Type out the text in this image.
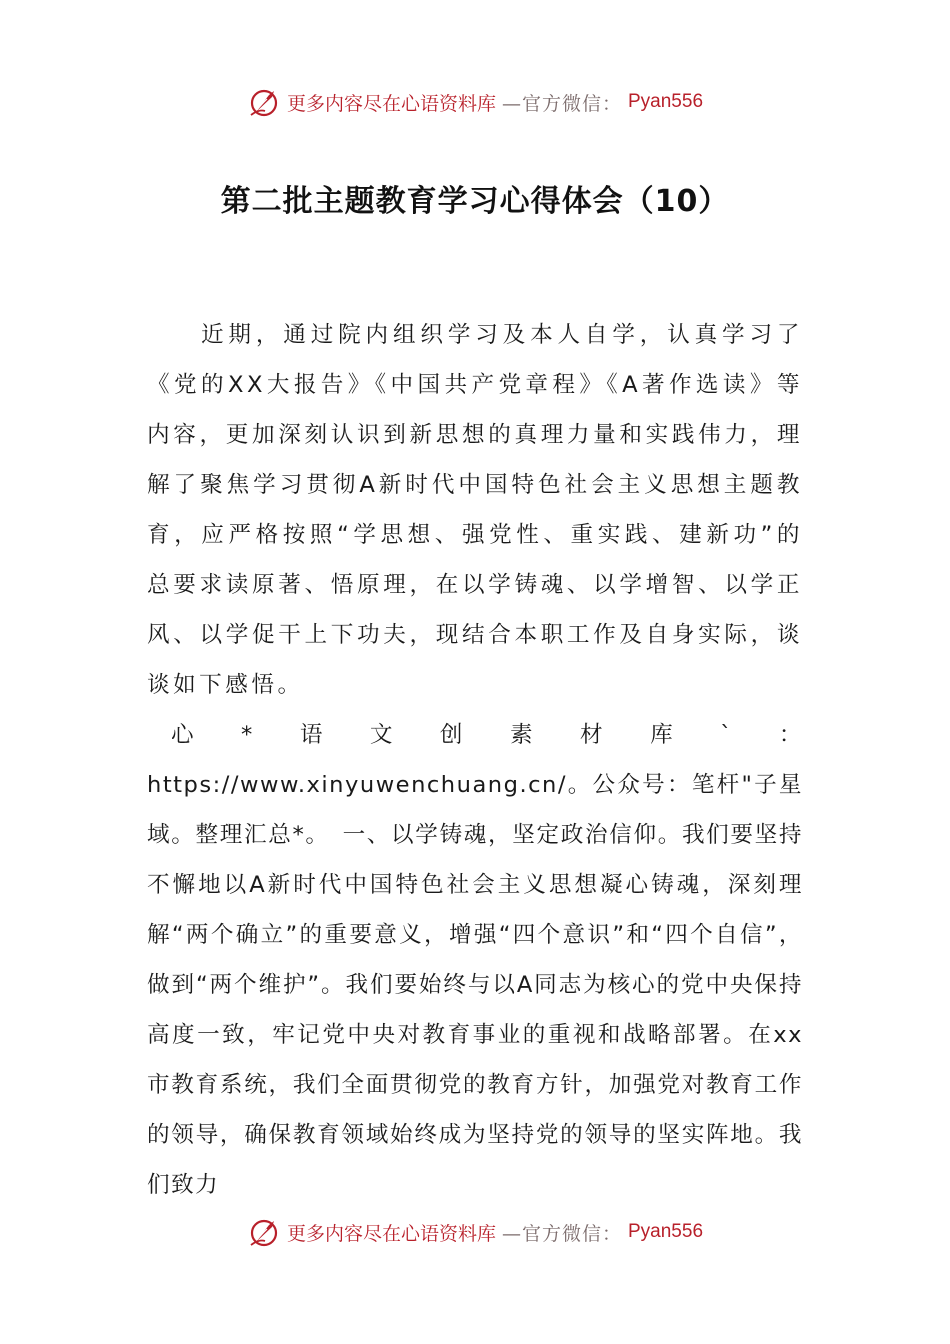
更多内容尽在心语资料库 —官方微信： Pyan556
第二批主题教育学习心得体会（10）

近期，通过院内组织学习及本人自学，认真学习了《党的XX大报告》《中国共产党章程》《A著作选读》等内容，更加深刻认识到新思想的真理力量和实践伟力，理解了聚焦学习贯彻A新时代中国特色社会主义思想主题教育，应严格按照“学思想、强党性、重实践、建新功”的总要求读原著、悟原理，在以学铸魂、以学增智、以学正风、以学促干上下功夫，现结合本职工作及自身实际，谈谈如下感悟。

心*语文创素材库`：https://www.xinyuwenchuang.cn/。公众号：笔杆"子星域。整理汇总*。　一、以学铸魂，坚定政治信仰。我们要坚持不懈地以A新时代中国特色社会主义思想凝心铸魂，深刻理解“两个确立”的重要意义，增强“四个意识”和“四个自信”，做到“两个维护”。我们要始终与以A同志为核心的党中央保持高度一致，牢记党中央对教育事业的重视和战略部署。在xx市教育系统，我们全面贯彻党的教育方针，加强党对教育工作的领导，确保教育领域始终成为坚持党的领导的坚实阵地。我们致力

更多内容尽在心语资料库 —官方微信： Pyan556
